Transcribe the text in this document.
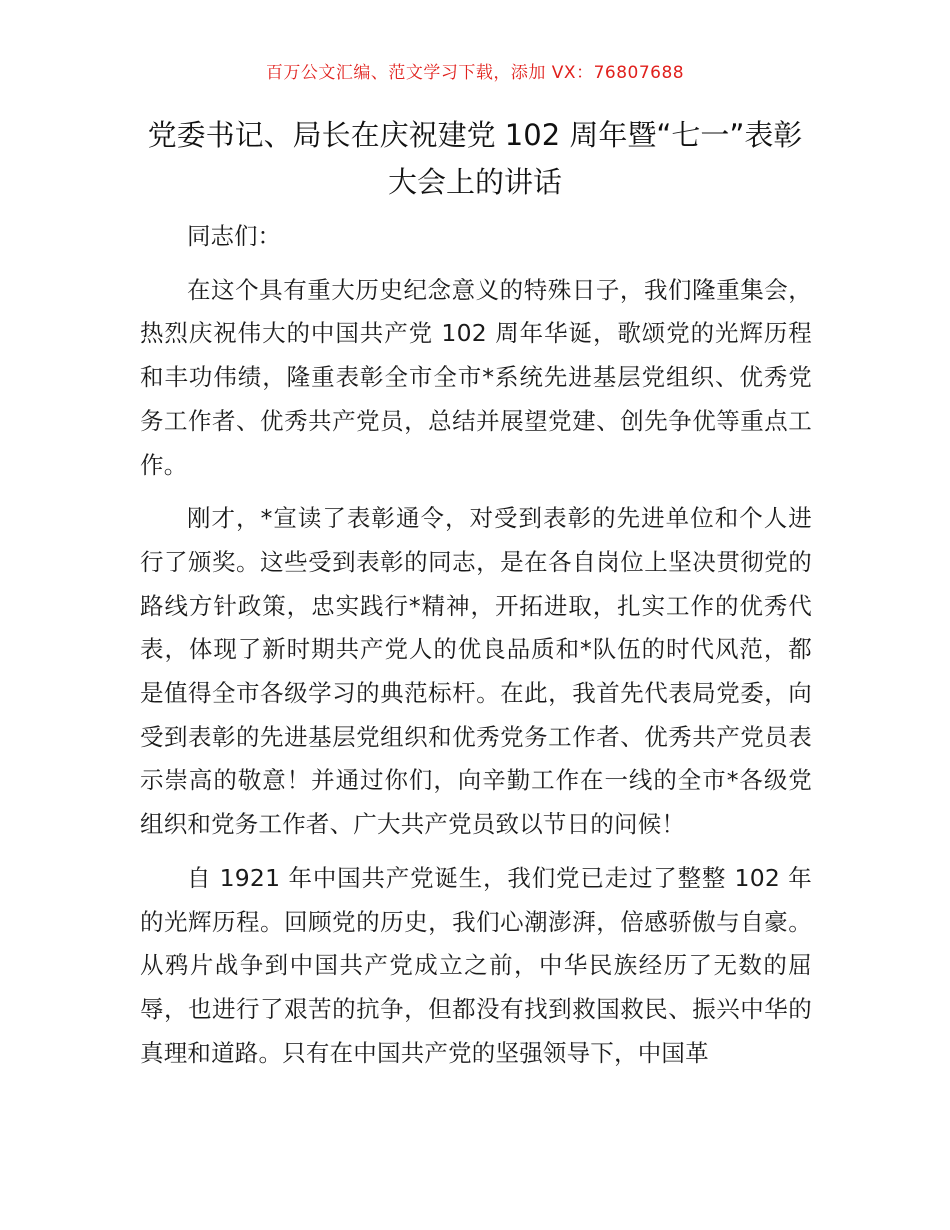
百万公文汇编、范文学习下载，添加 VX：76807688
党委书记、局长在庆祝建党 102 周年暨“七一”表彰大会上的讲话

同志们：

在这个具有重大历史纪念意义的特殊日子，我们隆重集会，热烈庆祝伟大的中国共产党 102 周年华诞，歌颂党的光辉历程和丰功伟绩，隆重表彰全市全市*系统先进基层党组织、优秀党务工作者、优秀共产党员，总结并展望党建、创先争优等重点工作。

刚才，*宣读了表彰通令，对受到表彰的先进单位和个人进行了颁奖。这些受到表彰的同志，是在各自岗位上坚决贯彻党的路线方针政策，忠实践行*精神，开拓进取，扎实工作的优秀代表，体现了新时期共产党人的优良品质和*队伍的时代风范，都是值得全市各级学习的典范标杆。在此，我首先代表局党委，向受到表彰的先进基层党组织和优秀党务工作者、优秀共产党员表示崇高的敬意！并通过你们，向辛勤工作在一线的全市*各级党组织和党务工作者、广大共产党员致以节日的问候！

自 1921 年中国共产党诞生，我们党已走过了整整 102 年的光辉历程。回顾党的历史，我们心潮澎湃，倍感骄傲与自豪。从鸦片战争到中国共产党成立之前，中华民族经历了无数的屈辱，也进行了艰苦的抗争，但都没有找到救国救民、振兴中华的真理和道路。只有在中国共产党的坚强领导下，中国革
